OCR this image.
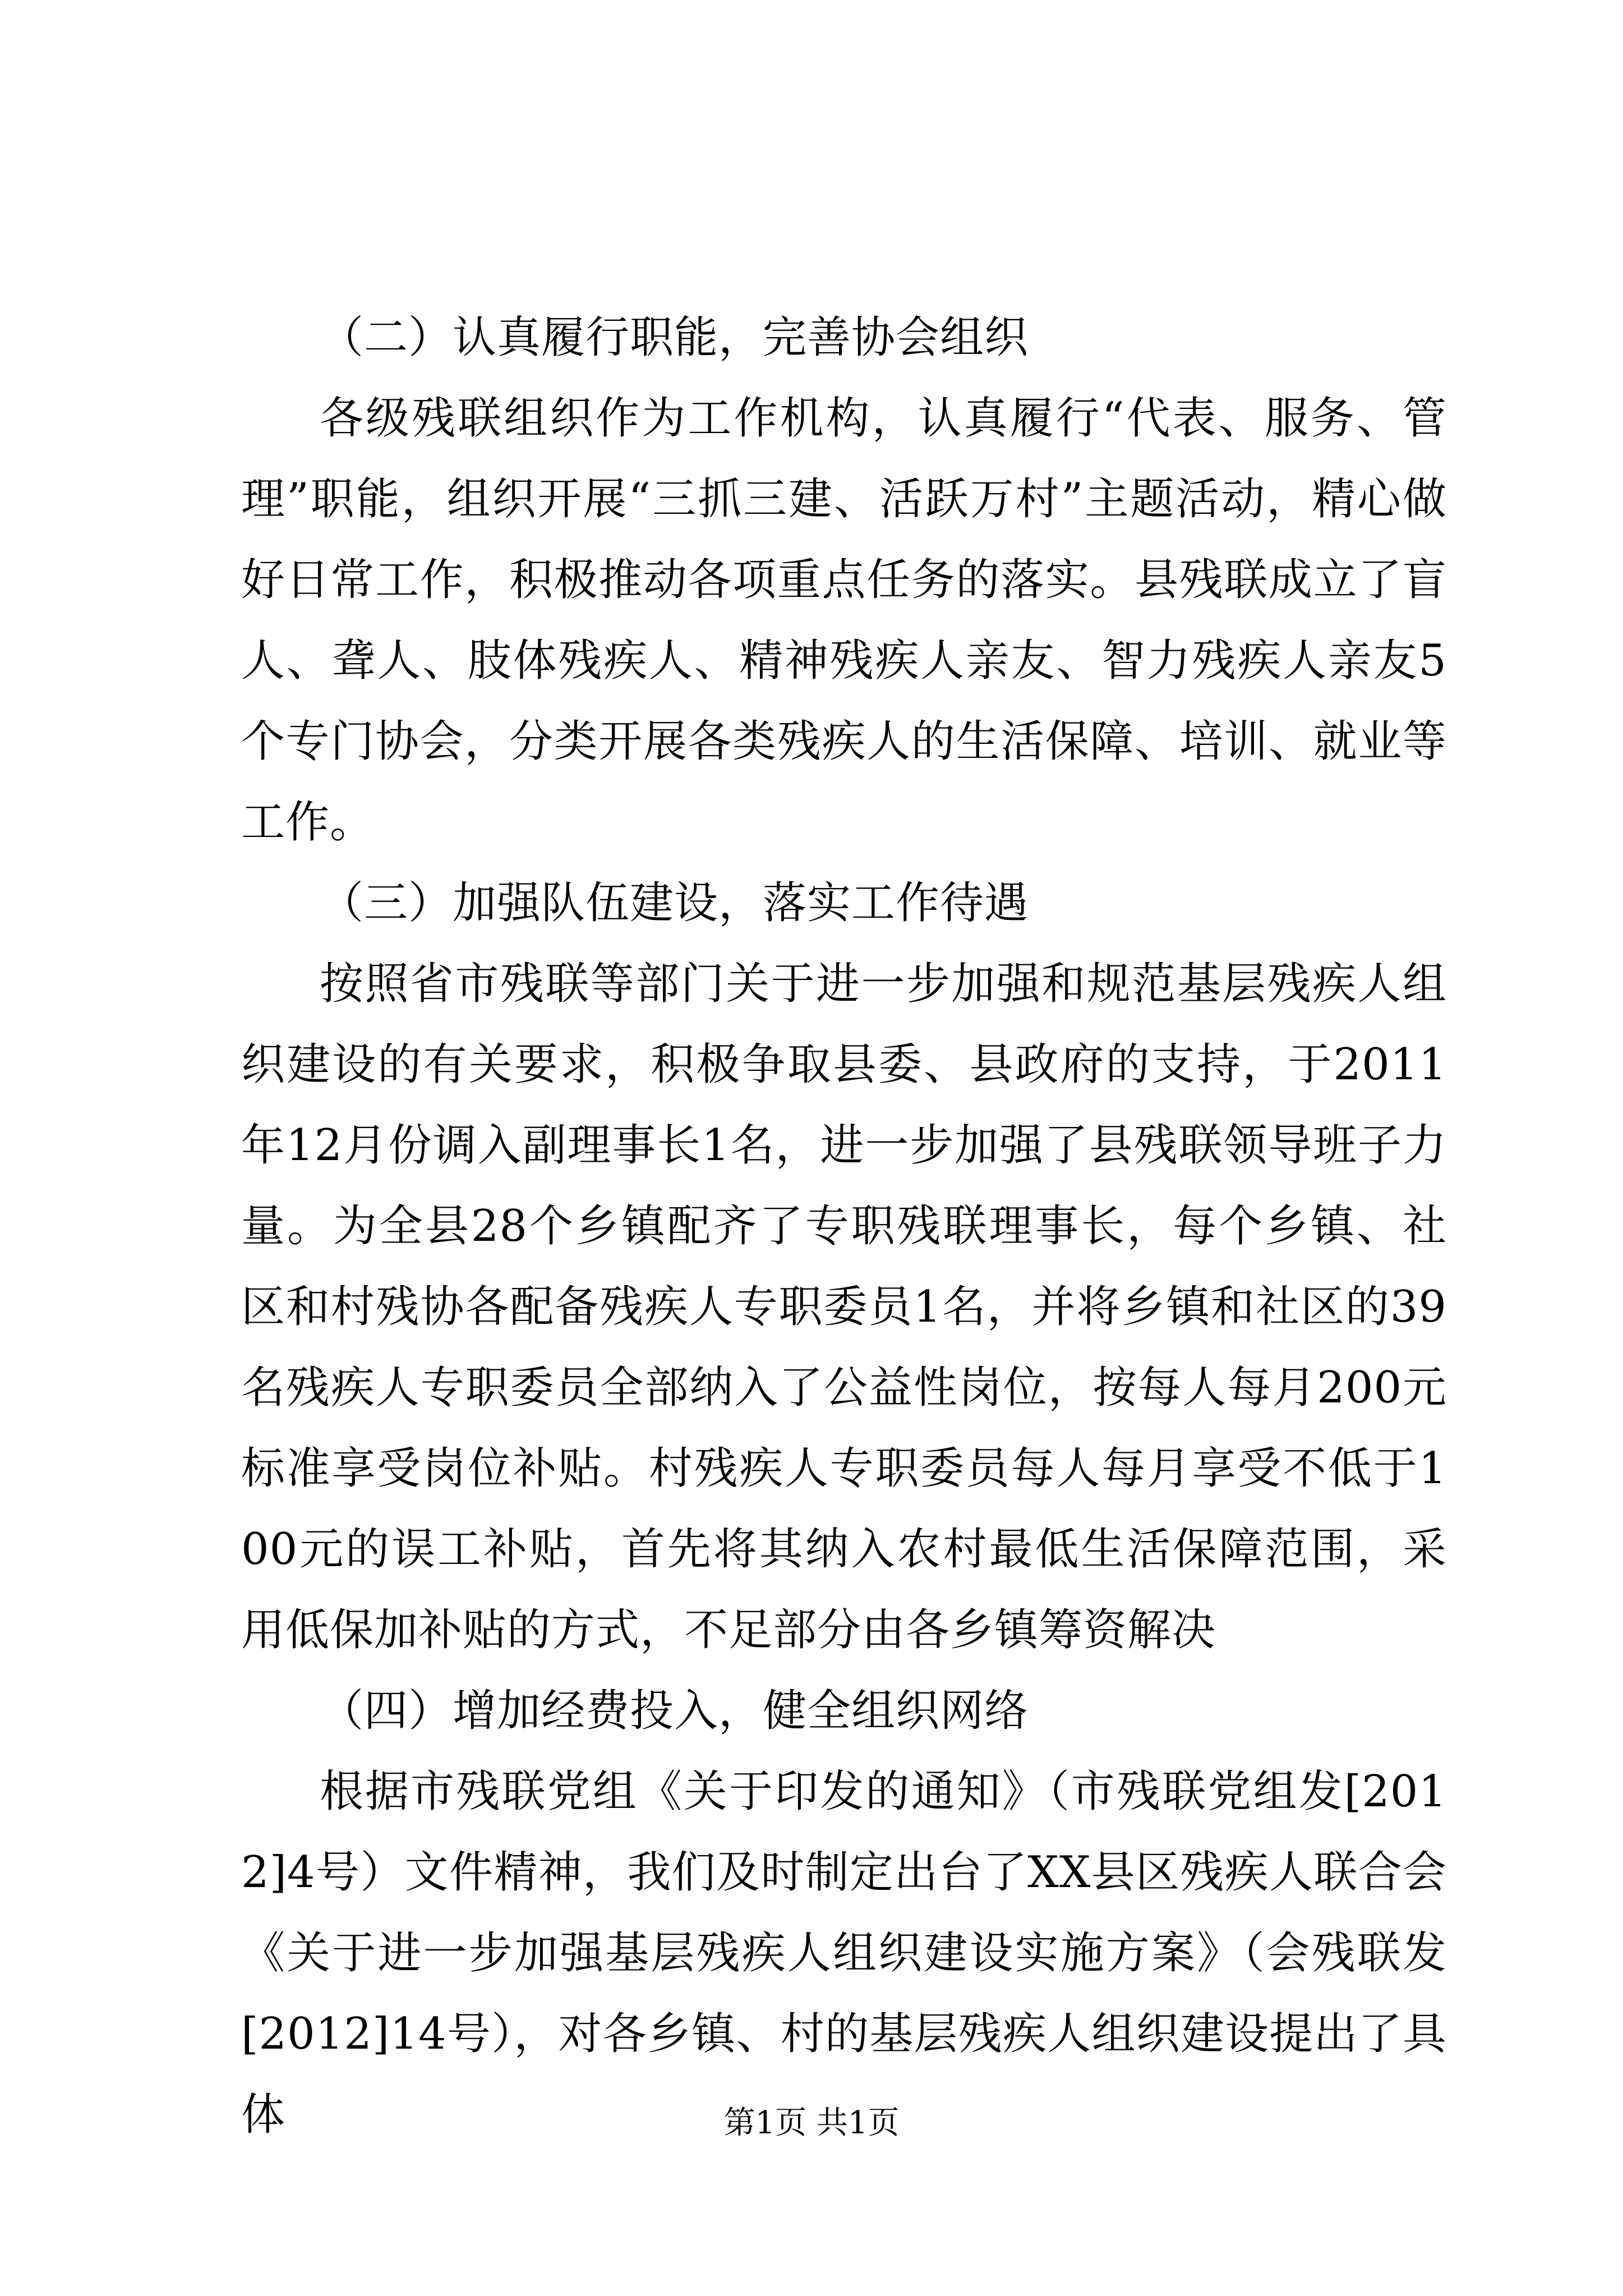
（二）认真履行职能，完善协会组织

各级残联组织作为工作机构，认真履行“代表、服务、管理”职能，组织开展“三抓三建、活跃万村”主题活动，精心做好日常工作，积极推动各项重点任务的落实。县残联成立了盲人、聋人、肢体残疾人、精神残疾人亲友、智力残疾人亲友5个专门协会，分类开展各类残疾人的生活保障、培训、就业等工作。

（三）加强队伍建设，落实工作待遇

按照省市残联等部门关于进一步加强和规范基层残疾人组织建设的有关要求，积极争取县委、县政府的支持，于2011年12月份调入副理事长1名，进一步加强了县残联领导班子力量。为全县28个乡镇配齐了专职残联理事长，每个乡镇、社区和村残协各配备残疾人专职委员1名，并将乡镇和社区的39名残疾人专职委员全部纳入了公益性岗位，按每人每月200元标准享受岗位补贴。村残疾人专职委员每人每月享受不低于100元的误工补贴，首先将其纳入农村最低生活保障范围，采用低保加补贴的方式，不足部分由各乡镇筹资解决

（四）增加经费投入，健全组织网络

根据市残联党组《关于印发的通知》（市残联党组发[2012]4号）文件精神，我们及时制定出台了XX县区残疾人联合会《关于进一步加强基层残疾人组织建设实施方案》（会残联发[2012]14号），对各乡镇、村的基层残疾人组织建设提出了具体	第1页 共1页
